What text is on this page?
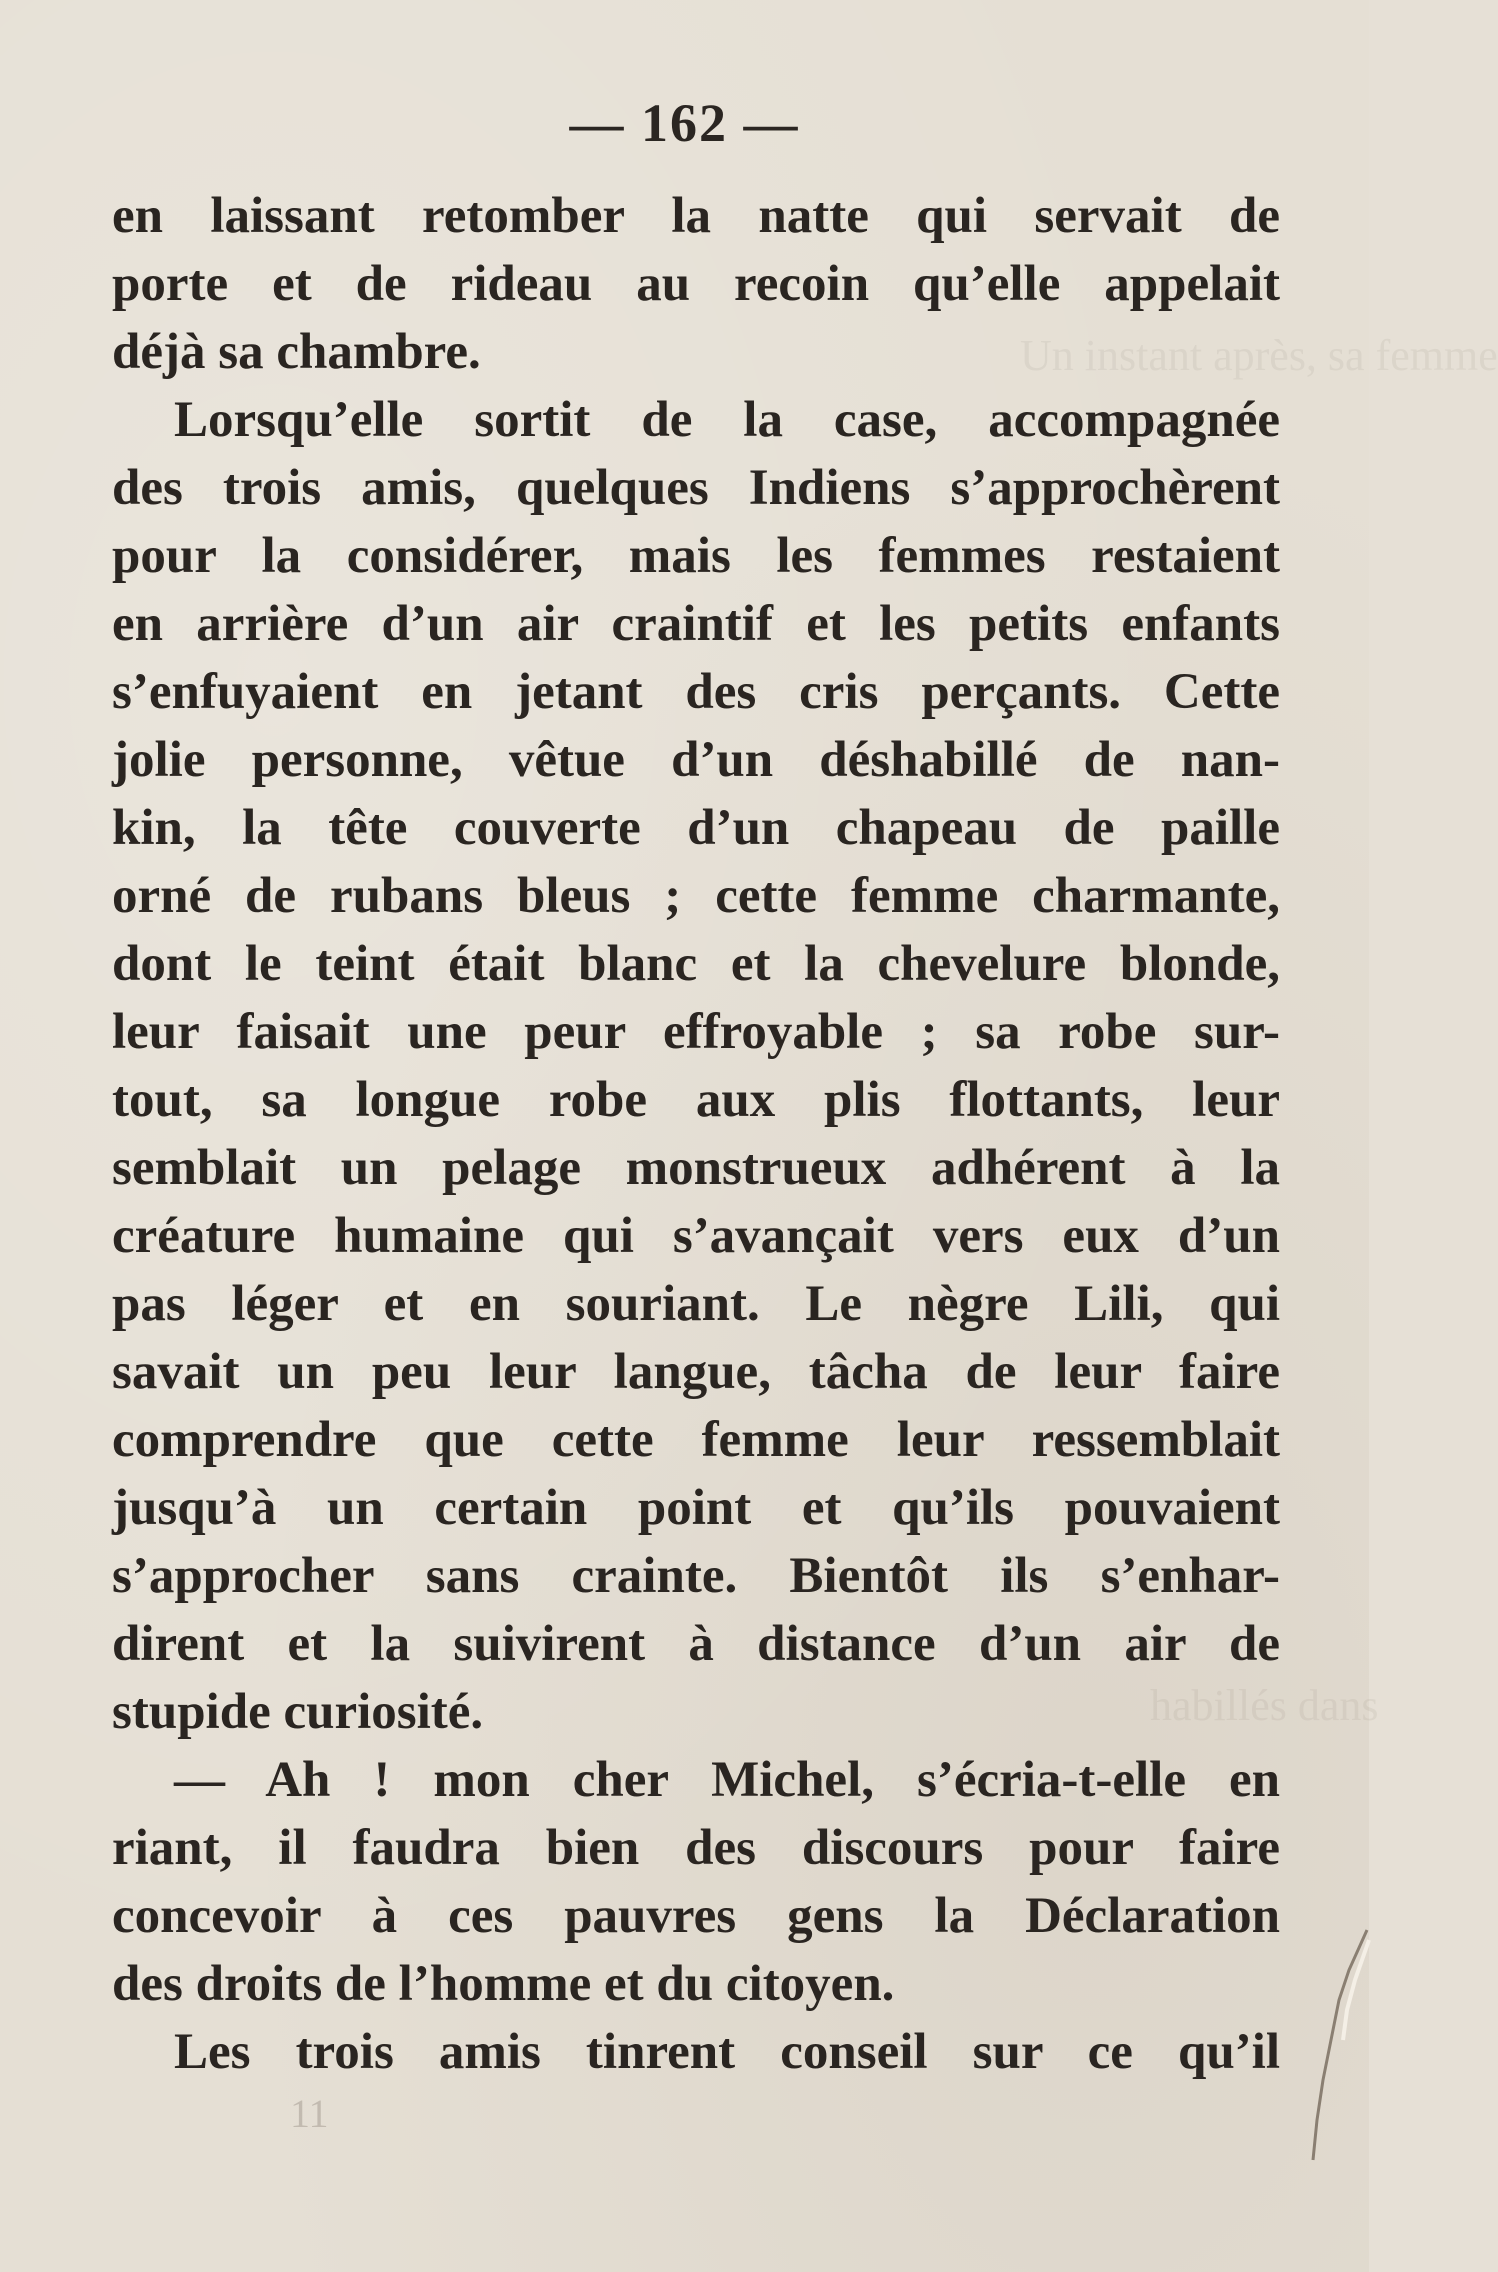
Un instant après, sa femme
habillés dans
— 162 —
en laissant retomber la natte qui servait de
porte et de rideau au recoin qu’elle appelait
déjà sa chambre.
Lorsqu’elle sortit de la case, accompagnée
des trois amis, quelques Indiens s’approchèrent
pour la considérer, mais les femmes restaient
en arrière d’un air craintif et les petits enfants
s’enfuyaient en jetant des cris perçants. Cette
jolie personne, vêtue d’un déshabillé de nan-
kin, la tête couverte d’un chapeau de paille
orné de rubans bleus ; cette femme charmante,
dont le teint était blanc et la chevelure blonde,
leur faisait une peur effroyable ; sa robe sur-
tout, sa longue robe aux plis flottants, leur
semblait un pelage monstrueux adhérent à la
créature humaine qui s’avançait vers eux d’un
pas léger et en souriant. Le nègre Lili, qui
savait un peu leur langue, tâcha de leur faire
comprendre que cette femme leur ressemblait
jusqu’à un certain point et qu’ils pouvaient
s’approcher sans crainte. Bientôt ils s’enhar-
dirent et la suivirent à distance d’un air de
stupide curiosité.
— Ah ! mon cher Michel, s’écria-t-elle en
riant, il faudra bien des discours pour faire
concevoir à ces pauvres gens la Déclaration
des droits de l’homme et du citoyen.
Les trois amis tinrent conseil sur ce qu’il
11
